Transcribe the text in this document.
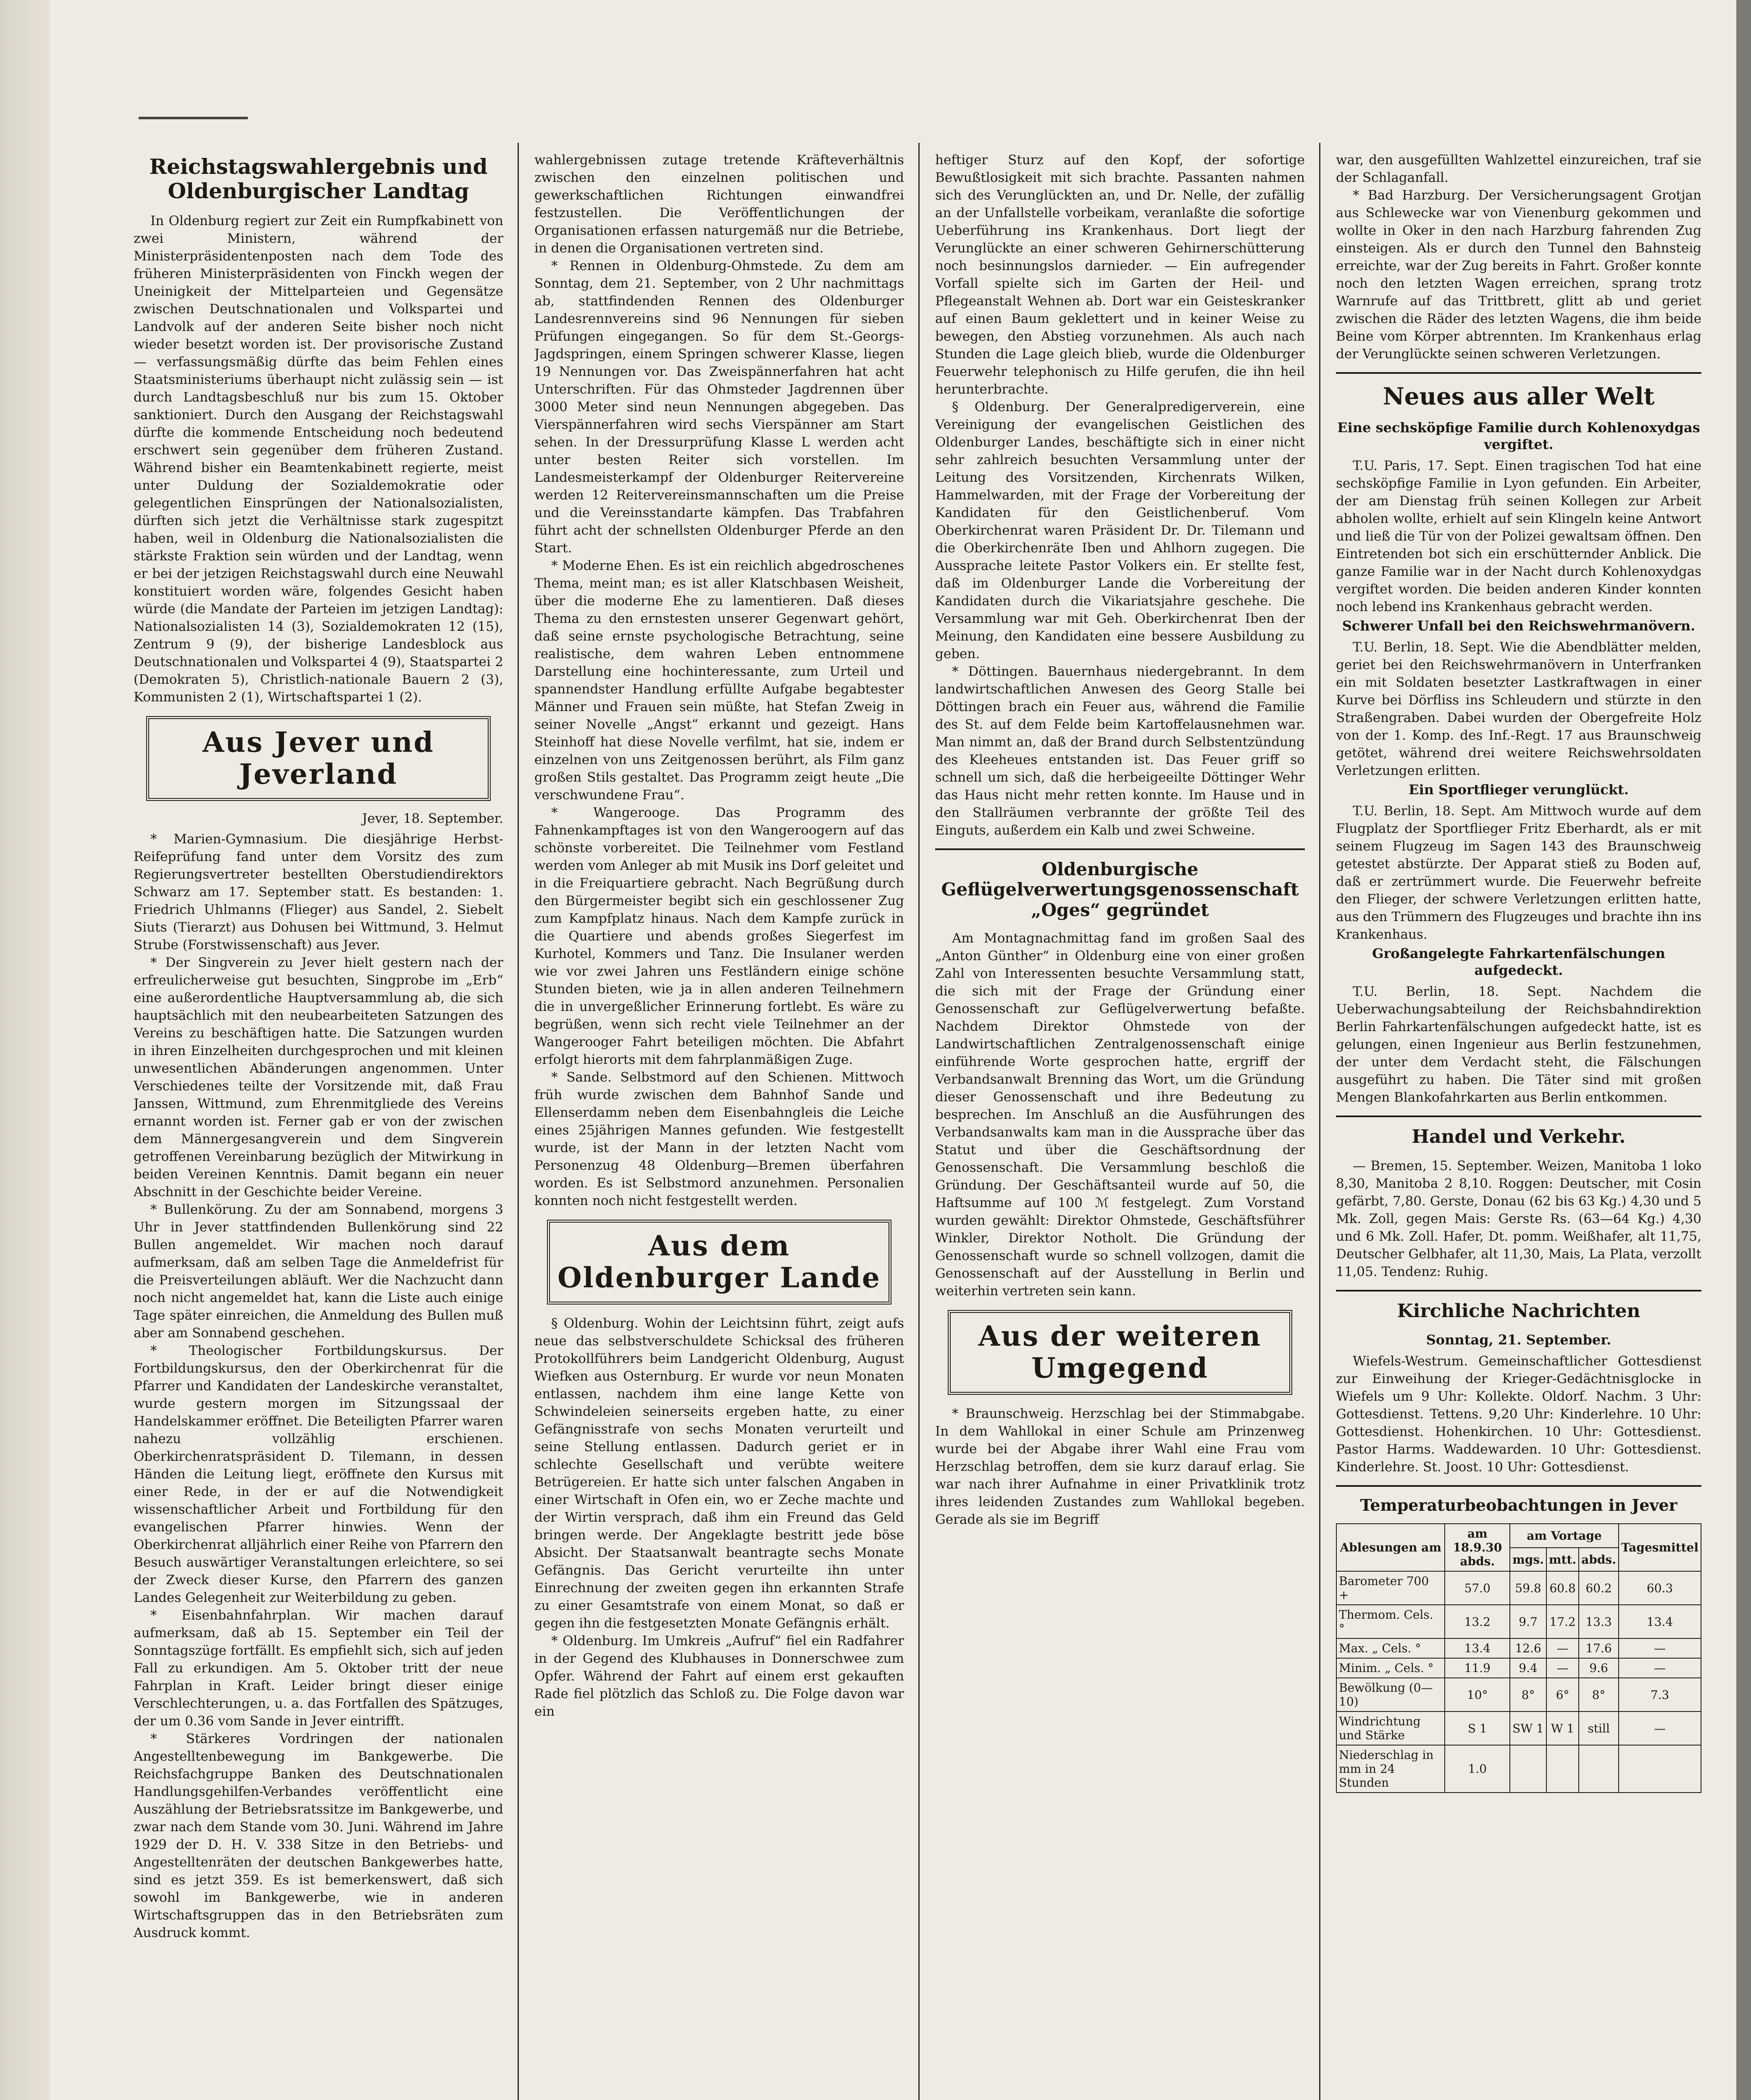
Reichstagswahlergebnis und Oldenburgischer Landtag

In Oldenburg regiert zur Zeit ein Rumpfkabinett von zwei Ministern, während der Ministerpräsidentenposten nach dem Tode des früheren Ministerpräsidenten von Finckh wegen der Uneinigkeit der Mittelparteien und Gegensätze zwischen Deutschnationalen und Volkspartei und Landvolk auf der anderen Seite bisher noch nicht wieder besetzt worden ist. Der provisorische Zustand — verfassungsmäßig dürfte das beim Fehlen eines Staatsministeriums überhaupt nicht zulässig sein — ist durch Landtagsbeschluß nur bis zum 15. Oktober sanktioniert. Durch den Ausgang der Reichstagswahl dürfte die kommende Entscheidung noch bedeutend erschwert sein gegenüber dem früheren Zustand. Während bisher ein Beamtenkabinett regierte, meist unter Duldung der Sozialdemokratie oder gelegentlichen Einsprüngen der Nationalsozialisten, dürften sich jetzt die Verhältnisse stark zugespitzt haben, weil in Oldenburg die Nationalsozialisten die stärkste Fraktion sein würden und der Landtag, wenn er bei der jetzigen Reichstagswahl durch eine Neuwahl konstituiert worden wäre, folgendes Gesicht haben würde (die Mandate der Parteien im jetzigen Landtag): Nationalsozialisten 14 (3), Sozialdemokraten 12 (15), Zentrum 9 (9), der bisherige Landesblock aus Deutschnationalen und Volkspartei 4 (9), Staatspartei 2 (Demokraten 5), Christlich-nationale Bauern 2 (3), Kommunisten 2 (1), Wirtschaftspartei 1 (2).

Aus Jever und Jeverland
Jever, 18. September.

* Marien-Gymnasium. Die diesjährige Herbst-Reifeprüfung fand unter dem Vorsitz des zum Regierungsvertreter bestellten Oberstudiendirektors Schwarz am 17. September statt. Es bestanden: 1. Friedrich Uhlmanns (Flieger) aus Sandel, 2. Siebelt Siuts (Tierarzt) aus Dohusen bei Wittmund, 3. Helmut Strube (Forstwissenschaft) aus Jever.

* Der Singverein zu Jever hielt gestern nach der erfreulicherweise gut besuchten, Singprobe im „Erb“ eine außerordentliche Hauptversammlung ab, die sich hauptsächlich mit den neubearbeiteten Satzungen des Vereins zu beschäftigen hatte. Die Satzungen wurden in ihren Einzelheiten durchgesprochen und mit kleinen unwesentlichen Abänderungen angenommen. Unter Verschiedenes teilte der Vorsitzende mit, daß Frau Janssen, Wittmund, zum Ehrenmitgliede des Vereins ernannt worden ist. Ferner gab er von der zwischen dem Männergesangverein und dem Singverein getroffenen Vereinbarung bezüglich der Mitwirkung in beiden Vereinen Kenntnis. Damit begann ein neuer Abschnitt in der Geschichte beider Vereine.

* Bullenkörung. Zu der am Sonnabend, morgens 3 Uhr in Jever stattfindenden Bullenkörung sind 22 Bullen angemeldet. Wir machen noch darauf aufmerksam, daß am selben Tage die Anmeldefrist für die Preisverteilungen abläuft. Wer die Nachzucht dann noch nicht angemeldet hat, kann die Liste auch einige Tage später einreichen, die Anmeldung des Bullen muß aber am Sonnabend geschehen.

* Theologischer Fortbildungskursus. Der Fortbildungskursus, den der Oberkirchenrat für die Pfarrer und Kandidaten der Landeskirche veranstaltet, wurde gestern morgen im Sitzungssaal der Handelskammer eröffnet. Die Beteiligten Pfarrer waren nahezu vollzählig erschienen. Oberkirchenratspräsident D. Tilemann, in dessen Händen die Leitung liegt, eröffnete den Kursus mit einer Rede, in der er auf die Notwendigkeit wissenschaftlicher Arbeit und Fortbildung für den evangelischen Pfarrer hinwies. Wenn der Oberkirchenrat alljährlich einer Reihe von Pfarrern den Besuch auswärtiger Veranstaltungen erleichtere, so sei der Zweck dieser Kurse, den Pfarrern des ganzen Landes Gelegenheit zur Weiterbildung zu geben.

* Eisenbahnfahrplan. Wir machen darauf aufmerksam, daß ab 15. September ein Teil der Sonntagszüge fortfällt. Es empfiehlt sich, sich auf jeden Fall zu erkundigen. Am 5. Oktober tritt der neue Fahrplan in Kraft. Leider bringt dieser einige Verschlechterungen, u. a. das Fortfallen des Spätzuges, der um 0.36 vom Sande in Jever eintrifft.

* Stärkeres Vordringen der nationalen Angestelltenbewegung im Bankgewerbe. Die Reichsfachgruppe Banken des Deutschnationalen Handlungsgehilfen-Verbandes veröffentlicht eine Auszählung der Betriebsratssitze im Bankgewerbe, und zwar nach dem Stande vom 30. Juni. Während im Jahre 1929 der D. H. V. 338 Sitze in den Betriebs- und Angestelltenräten der deutschen Bankgewerbes hatte, sind es jetzt 359. Es ist bemerkenswert, daß sich sowohl im Bankgewerbe, wie in anderen Wirtschaftsgruppen das in den Betriebsräten zum Ausdruck kommt.

wahlergebnissen zutage tretende Kräfteverhältnis zwischen den einzelnen politischen und gewerkschaftlichen Richtungen einwandfrei festzustellen. Die Veröffentlichungen der Organisationen erfassen naturgemäß nur die Betriebe, in denen die Organisationen vertreten sind.

* Rennen in Oldenburg-Ohmstede. Zu dem am Sonntag, dem 21. September, von 2 Uhr nachmittags ab, stattfindenden Rennen des Oldenburger Landesrennvereins sind 96 Nennungen für sieben Prüfungen eingegangen. So für dem St.-Georgs-Jagdspringen, einem Springen schwerer Klasse, liegen 19 Nennungen vor. Das Zweispännerfahren hat acht Unterschriften. Für das Ohmsteder Jagdrennen über 3000 Meter sind neun Nennungen abgegeben. Das Vierspännerfahren wird sechs Vierspänner am Start sehen. In der Dressurprüfung Klasse L werden acht unter besten Reiter sich vorstellen. Im Landesmeisterkampf der Oldenburger Reitervereine werden 12 Reitervereinsmannschaften um die Preise und die Vereinsstandarte kämpfen. Das Trabfahren führt acht der schnellsten Oldenburger Pferde an den Start.

* Moderne Ehen. Es ist ein reichlich abgedroschenes Thema, meint man; es ist aller Klatschbasen Weisheit, über die moderne Ehe zu lamentieren. Daß dieses Thema zu den ernstesten unserer Gegenwart gehört, daß seine ernste psychologische Betrachtung, seine realistische, dem wahren Leben entnommene Darstellung eine hochinteressante, zum Urteil und spannendster Handlung erfüllte Aufgabe begabtester Männer und Frauen sein müßte, hat Stefan Zweig in seiner Novelle „Angst“ erkannt und gezeigt. Hans Steinhoff hat diese Novelle verfilmt, hat sie, indem er einzelnen von uns Zeitgenossen berührt, als Film ganz großen Stils gestaltet. Das Programm zeigt heute „Die verschwundene Frau“.

* Wangerooge. Das Programm des Fahnenkampftages ist von den Wangeroogern auf das schönste vorbereitet. Die Teilnehmer vom Festland werden vom Anleger ab mit Musik ins Dorf geleitet und in die Freiquartiere gebracht. Nach Begrüßung durch den Bürgermeister begibt sich ein geschlossener Zug zum Kampfplatz hinaus. Nach dem Kampfe zurück in die Quartiere und abends großes Siegerfest im Kurhotel, Kommers und Tanz. Die Insulaner werden wie vor zwei Jahren uns Festländern einige schöne Stunden bieten, wie ja in allen anderen Teilnehmern die in unvergeßlicher Erinnerung fortlebt. Es wäre zu begrüßen, wenn sich recht viele Teilnehmer an der Wangerooger Fahrt beteiligen möchten. Die Abfahrt erfolgt hierorts mit dem fahrplanmäßigen Zuge.

* Sande. Selbstmord auf den Schienen. Mittwoch früh wurde zwischen dem Bahnhof Sande und Ellenserdamm neben dem Eisenbahngleis die Leiche eines 25jährigen Mannes gefunden. Wie festgestellt wurde, ist der Mann in der letzten Nacht vom Personenzug 48 Oldenburg—Bremen überfahren worden. Es ist Selbstmord anzunehmen. Personalien konnten noch nicht festgestellt werden.

Aus dem Oldenburger Lande

§ Oldenburg. Wohin der Leichtsinn führt, zeigt aufs neue das selbstverschuldete Schicksal des früheren Protokollführers beim Landgericht Oldenburg, August Wiefken aus Osternburg. Er wurde vor neun Monaten entlassen, nachdem ihm eine lange Kette von Schwindeleien seinerseits ergeben hatte, zu einer Gefängnisstrafe von sechs Monaten verurteilt und seine Stellung entlassen. Dadurch geriet er in schlechte Gesellschaft und verübte weitere Betrügereien. Er hatte sich unter falschen Angaben in einer Wirtschaft in Ofen ein, wo er Zeche machte und der Wirtin versprach, daß ihm ein Freund das Geld bringen werde. Der Angeklagte bestritt jede böse Absicht. Der Staatsanwalt beantragte sechs Monate Gefängnis. Das Gericht verurteilte ihn unter Einrechnung der zweiten gegen ihn erkannten Strafe zu einer Gesamtstrafe von einem Monat, so daß er gegen ihn die festgesetzten Monate Gefängnis erhält.

* Oldenburg. Im Umkreis „Aufruf“ fiel ein Radfahrer in der Gegend des Klubhauses in Donnerschwee zum Opfer. Während der Fahrt auf einem erst gekauften Rade fiel plötzlich das Schloß zu. Die Folge davon war ein

heftiger Sturz auf den Kopf, der sofortige Bewußtlosigkeit mit sich brachte. Passanten nahmen sich des Verunglückten an, und Dr. Nelle, der zufällig an der Unfallstelle vorbeikam, veranlaßte die sofortige Ueberführung ins Krankenhaus. Dort liegt der Verunglückte an einer schweren Gehirnerschütterung noch besinnungslos darnieder. — Ein aufregender Vorfall spielte sich im Garten der Heil- und Pflegeanstalt Wehnen ab. Dort war ein Geisteskranker auf einen Baum geklettert und in keiner Weise zu bewegen, den Abstieg vorzunehmen. Als auch nach Stunden die Lage gleich blieb, wurde die Oldenburger Feuerwehr telephonisch zu Hilfe gerufen, die ihn heil herunterbrachte.

§ Oldenburg. Der Generalpredigerverein, eine Vereinigung der evangelischen Geistlichen des Oldenburger Landes, beschäftigte sich in einer nicht sehr zahlreich besuchten Versammlung unter der Leitung des Vorsitzenden, Kirchenrats Wilken, Hammelwarden, mit der Frage der Vorbereitung der Kandidaten für den Geistlichenberuf. Vom Oberkirchenrat waren Präsident Dr. Dr. Tilemann und die Oberkirchenräte Iben und Ahlhorn zugegen. Die Aussprache leitete Pastor Volkers ein. Er stellte fest, daß im Oldenburger Lande die Vorbereitung der Kandidaten durch die Vikariatsjahre geschehe. Die Versammlung war mit Geh. Oberkirchenrat Iben der Meinung, den Kandidaten eine bessere Ausbildung zu geben.

* Döttingen. Bauernhaus niedergebrannt. In dem landwirtschaftlichen Anwesen des Georg Stalle bei Döttingen brach ein Feuer aus, während die Familie des St. auf dem Felde beim Kartoffelausnehmen war. Man nimmt an, daß der Brand durch Selbstentzündung des Kleeheues entstanden ist. Das Feuer griff so schnell um sich, daß die herbeigeeilte Döttinger Wehr das Haus nicht mehr retten konnte. Im Hause und in den Stallräumen verbrannte der größte Teil des Einguts, außerdem ein Kalb und zwei Schweine.

Oldenburgische Geflügelverwertungsgenossenschaft „Oges“ gegründet

Am Montagnachmittag fand im großen Saal des „Anton Günther“ in Oldenburg eine von einer großen Zahl von Interessenten besuchte Versammlung statt, die sich mit der Frage der Gründung einer Genossenschaft zur Geflügelverwertung befaßte. Nachdem Direktor Ohmstede von der Landwirtschaftlichen Zentralgenossenschaft einige einführende Worte gesprochen hatte, ergriff der Verbandsanwalt Brenning das Wort, um die Gründung dieser Genossenschaft und ihre Bedeutung zu besprechen. Im Anschluß an die Ausführungen des Verbandsanwalts kam man in die Aussprache über das Statut und über die Geschäftsordnung der Genossenschaft. Die Versammlung beschloß die Gründung. Der Geschäftsanteil wurde auf 50, die Haftsumme auf 100 ℳ festgelegt. Zum Vorstand wurden gewählt: Direktor Ohmstede, Geschäftsführer Winkler, Direktor Notholt. Die Gründung der Genossenschaft wurde so schnell vollzogen, damit die Genossenschaft auf der Ausstellung in Berlin und weiterhin vertreten sein kann.

Aus der weiteren Umgegend

* Braunschweig. Herzschlag bei der Stimmabgabe. In dem Wahllokal in einer Schule am Prinzenweg wurde bei der Abgabe ihrer Wahl eine Frau vom Herzschlag betroffen, dem sie kurz darauf erlag. Sie war nach ihrer Aufnahme in einer Privatklinik trotz ihres leidenden Zustandes zum Wahllokal begeben. Gerade als sie im Begriff

war, den ausgefüllten Wahlzettel einzureichen, traf sie der Schlaganfall.

* Bad Harzburg. Der Versicherungsagent Grotjan aus Schlewecke war von Vienenburg gekommen und wollte in Oker in den nach Harzburg fahrenden Zug einsteigen. Als er durch den Tunnel den Bahnsteig erreichte, war der Zug bereits in Fahrt. Großer konnte noch den letzten Wagen erreichen, sprang trotz Warnrufe auf das Trittbrett, glitt ab und geriet zwischen die Räder des letzten Wagens, die ihm beide Beine vom Körper abtrennten. Im Krankenhaus erlag der Verunglückte seinen schweren Verletzungen.

Neues aus aller Welt
Eine sechsköpfige Familie durch Kohlenoxydgas vergiftet.

T.U. Paris, 17. Sept. Einen tragischen Tod hat eine sechsköpfige Familie in Lyon gefunden. Ein Arbeiter, der am Dienstag früh seinen Kollegen zur Arbeit abholen wollte, erhielt auf sein Klingeln keine Antwort und ließ die Tür von der Polizei gewaltsam öffnen. Den Eintretenden bot sich ein erschütternder Anblick. Die ganze Familie war in der Nacht durch Kohlenoxydgas vergiftet worden. Die beiden anderen Kinder konnten noch lebend ins Krankenhaus gebracht werden.

Schwerer Unfall bei den Reichswehrmanövern.

T.U. Berlin, 18. Sept. Wie die Abendblätter melden, geriet bei den Reichswehrmanövern in Unterfranken ein mit Soldaten besetzter Lastkraftwagen in einer Kurve bei Dörfliss ins Schleudern und stürzte in den Straßengraben. Dabei wurden der Obergefreite Holz von der 1. Komp. des Inf.-Regt. 17 aus Braunschweig getötet, während drei weitere Reichswehrsoldaten Verletzungen erlitten.

Ein Sportflieger verunglückt.

T.U. Berlin, 18. Sept. Am Mittwoch wurde auf dem Flugplatz der Sportflieger Fritz Eberhardt, als er mit seinem Flugzeug im Sagen 143 des Braunschweig getestet abstürzte. Der Apparat stieß zu Boden auf, daß er zertrümmert wurde. Die Feuerwehr befreite den Flieger, der schwere Verletzungen erlitten hatte, aus den Trümmern des Flugzeuges und brachte ihn ins Krankenhaus.

Großangelegte Fahrkartenfälschungen aufgedeckt.

T.U. Berlin, 18. Sept. Nachdem die Ueberwachungsabteilung der Reichsbahndirektion Berlin Fahrkartenfälschungen aufgedeckt hatte, ist es gelungen, einen Ingenieur aus Berlin festzunehmen, der unter dem Verdacht steht, die Fälschungen ausgeführt zu haben. Die Täter sind mit großen Mengen Blankofahrkarten aus Berlin entkommen.

Handel und Verkehr.

— Bremen, 15. September. Weizen, Manitoba 1 loko 8,30, Manitoba 2 8,10. Roggen: Deutscher, mit Cosin gefärbt, 7,80. Gerste, Donau (62 bis 63 Kg.) 4,30 und 5 Mk. Zoll, gegen Mais: Gerste Rs. (63—64 Kg.) 4,30 und 6 Mk. Zoll. Hafer, Dt. pomm. Weißhafer, alt 11,75, Deutscher Gelbhafer, alt 11,30, Mais, La Plata, verzollt 11,05. Tendenz: Ruhig.

Kirchliche Nachrichten
Sonntag, 21. September.

Wiefels-Westrum. Gemeinschaftlicher Gottesdienst zur Einweihung der Krieger-Gedächtnisglocke in Wiefels um 9 Uhr: Kollekte. Oldorf. Nachm. 3 Uhr: Gottesdienst. Tettens. 9,20 Uhr: Kinderlehre. 10 Uhr: Gottesdienst. Hohenkirchen. 10 Uhr: Gottesdienst. Pastor Harms. Waddewarden. 10 Uhr: Gottesdienst. Kinderlehre. St. Joost. 10 Uhr: Gottesdienst.

Temperaturbeobachtungen in Jever
Ablesungen am	am 18.9.30 abds.	am Vortage			Tagesmittel
		mgs.	mtt.	abds.	
Barometer 700 +	57.0	59.8	60.8	60.2	60.3
Thermom. Cels. °	13.2	9.7	17.2	13.3	13.4
Max. „ Cels. °	13.4	12.6	—	17.6	—
Minim. „ Cels. °	11.9	9.4	—	9.6	—
Bewölkung (0—10)	10°	8°	6°	8°	7.3
Windrichtung und Stärke	S 1	SW 1	W 1	still	—
Niederschlag in mm in 24 Stunden	1.0				
